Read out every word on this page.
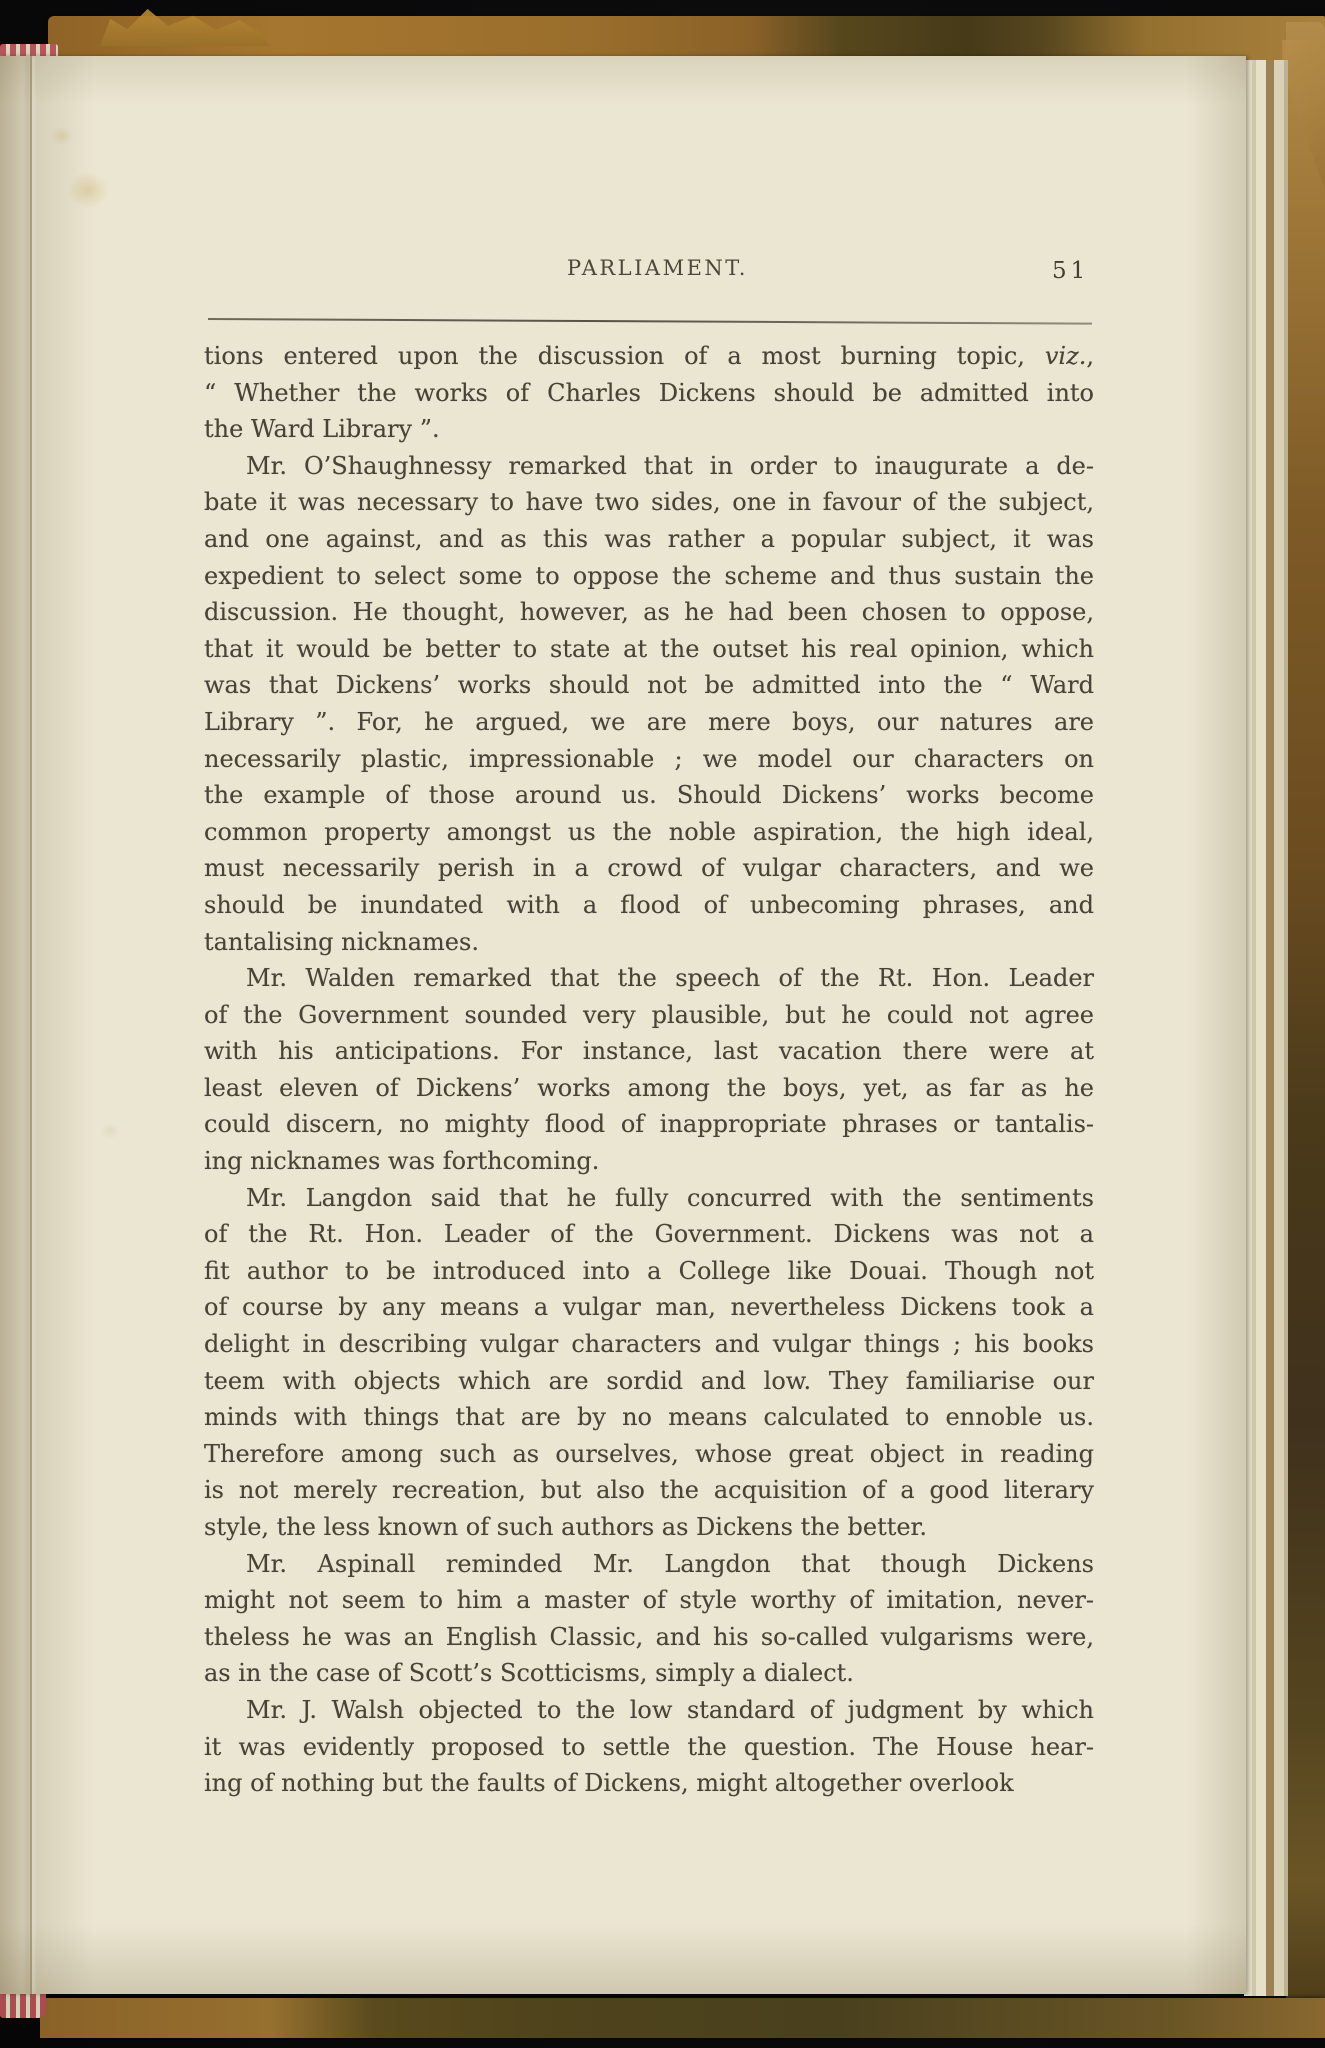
PARLIAMENT.	51
tions entered upon the discussion of a most burning topic, viz.,
“ Whether the works of Charles Dickens should be admitted into
the Ward Library ”.
Mr. O’Shaughnessy remarked that in order to inaugurate a de-
bate it was necessary to have two sides, one in favour of the subject,
and one against, and as this was rather a popular subject, it was
expedient to select some to oppose the scheme and thus sustain the
discussion. He thought, however, as he had been chosen to oppose,
that it would be better to state at the outset his real opinion, which
was that Dickens’ works should not be admitted into the “ Ward
Library ”. For, he argued, we are mere boys, our natures are
necessarily plastic, impressionable ; we model our characters on
the example of those around us. Should Dickens’ works become
common property amongst us the noble aspiration, the high ideal,
must necessarily perish in a crowd of vulgar characters, and we
should be inundated with a flood of unbecoming phrases, and
tantalising nicknames.
Mr. Walden remarked that the speech of the Rt. Hon. Leader
of the Government sounded very plausible, but he could not agree
with his anticipations. For instance, last vacation there were at
least eleven of Dickens’ works among the boys, yet, as far as he
could discern, no mighty flood of inappropriate phrases or tantalis-
ing nicknames was forthcoming.
Mr. Langdon said that he fully concurred with the sentiments
of the Rt. Hon. Leader of the Government. Dickens was not a
fit author to be introduced into a College like Douai. Though not
of course by any means a vulgar man, nevertheless Dickens took a
delight in describing vulgar characters and vulgar things ; his books
teem with objects which are sordid and low. They familiarise our
minds with things that are by no means calculated to ennoble us.
Therefore among such as ourselves, whose great object in reading
is not merely recreation, but also the acquisition of a good literary
style, the less known of such authors as Dickens the better.
Mr. Aspinall reminded Mr. Langdon that though Dickens
might not seem to him a master of style worthy of imitation, never-
theless he was an English Classic, and his so-called vulgarisms were,
as in the case of Scott’s Scotticisms, simply a dialect.
Mr. J. Walsh objected to the low standard of judgment by which
it was evidently proposed to settle the question. The House hear-
ing of nothing but the faults of Dickens, might altogether overlook
